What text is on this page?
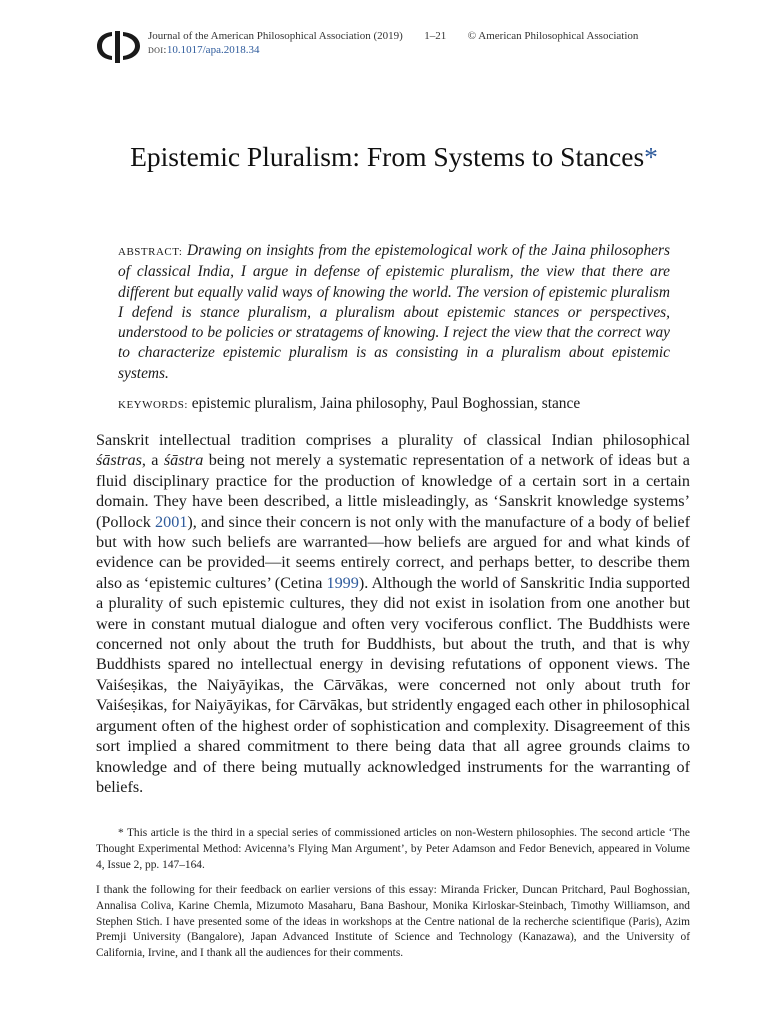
Journal of the American Philosophical Association (2019) 1–21 © American Philosophical Association
doi:10.1017/apa.2018.34
Epistemic Pluralism: From Systems to Stances*
ABSTRACT: Drawing on insights from the epistemological work of the Jaina philosophers of classical India, I argue in defense of epistemic pluralism, the view that there are different but equally valid ways of knowing the world. The version of epistemic pluralism I defend is stance pluralism, a pluralism about epistemic stances or perspectives, understood to be policies or stratagems of knowing. I reject the view that the correct way to characterize epistemic pluralism is as consisting in a pluralism about epistemic systems.
KEYWORDS: epistemic pluralism, Jaina philosophy, Paul Boghossian, stance

Sanskrit intellectual tradition comprises a plurality of classical Indian philosophical śāstras, a śāstra being not merely a systematic representation of a network of ideas but a fluid disciplinary practice for the production of knowledge of a certain sort in a certain domain. They have been described, a little misleadingly, as ‘Sanskrit knowledge systems’ (Pollock 2001), and since their concern is not only with the manufacture of a body of belief but with how such beliefs are warranted—how beliefs are argued for and what kinds of evidence can be provided—it seems entirely correct, and perhaps better, to describe them also as ‘epistemic cultures’ (Cetina 1999). Although the world of Sanskritic India supported a plurality of such epistemic cultures, they did not exist in isolation from one another but were in constant mutual dialogue and often very vociferous conflict. The Buddhists were concerned not only about the truth for Buddhists, but about the truth, and that is why Buddhists spared no intellectual energy in devising refutations of opponent views. The Vaiśeṣikas, the Naiyāyikas, the Cārvākas, were concerned not only about truth for Vaiśeṣikas, for Naiyāyikas, for Cārvākas, but stridently engaged each other in philosophical argument often of the highest order of sophistication and complexity. Disagreement of this sort implied a shared commitment to there being data that all agree grounds claims to knowledge and of there being mutually acknowledged instruments for the warranting of beliefs.

* This article is the third in a special series of commissioned articles on non-Western philosophies. The second article ‘The Thought Experimental Method: Avicenna’s Flying Man Argument’, by Peter Adamson and Fedor Benevich, appeared in Volume 4, Issue 2, pp. 147–164.

I thank the following for their feedback on earlier versions of this essay: Miranda Fricker, Duncan Pritchard, Paul Boghossian, Annalisa Coliva, Karine Chemla, Mizumoto Masaharu, Bana Bashour, Monika Kirloskar-Steinbach, Timothy Williamson, and Stephen Stich. I have presented some of the ideas in workshops at the Centre national de la recherche scientifique (Paris), Azim Premji University (Bangalore), Japan Advanced Institute of Science and Technology (Kanazawa), and the University of California, Irvine, and I thank all the audiences for their comments.
